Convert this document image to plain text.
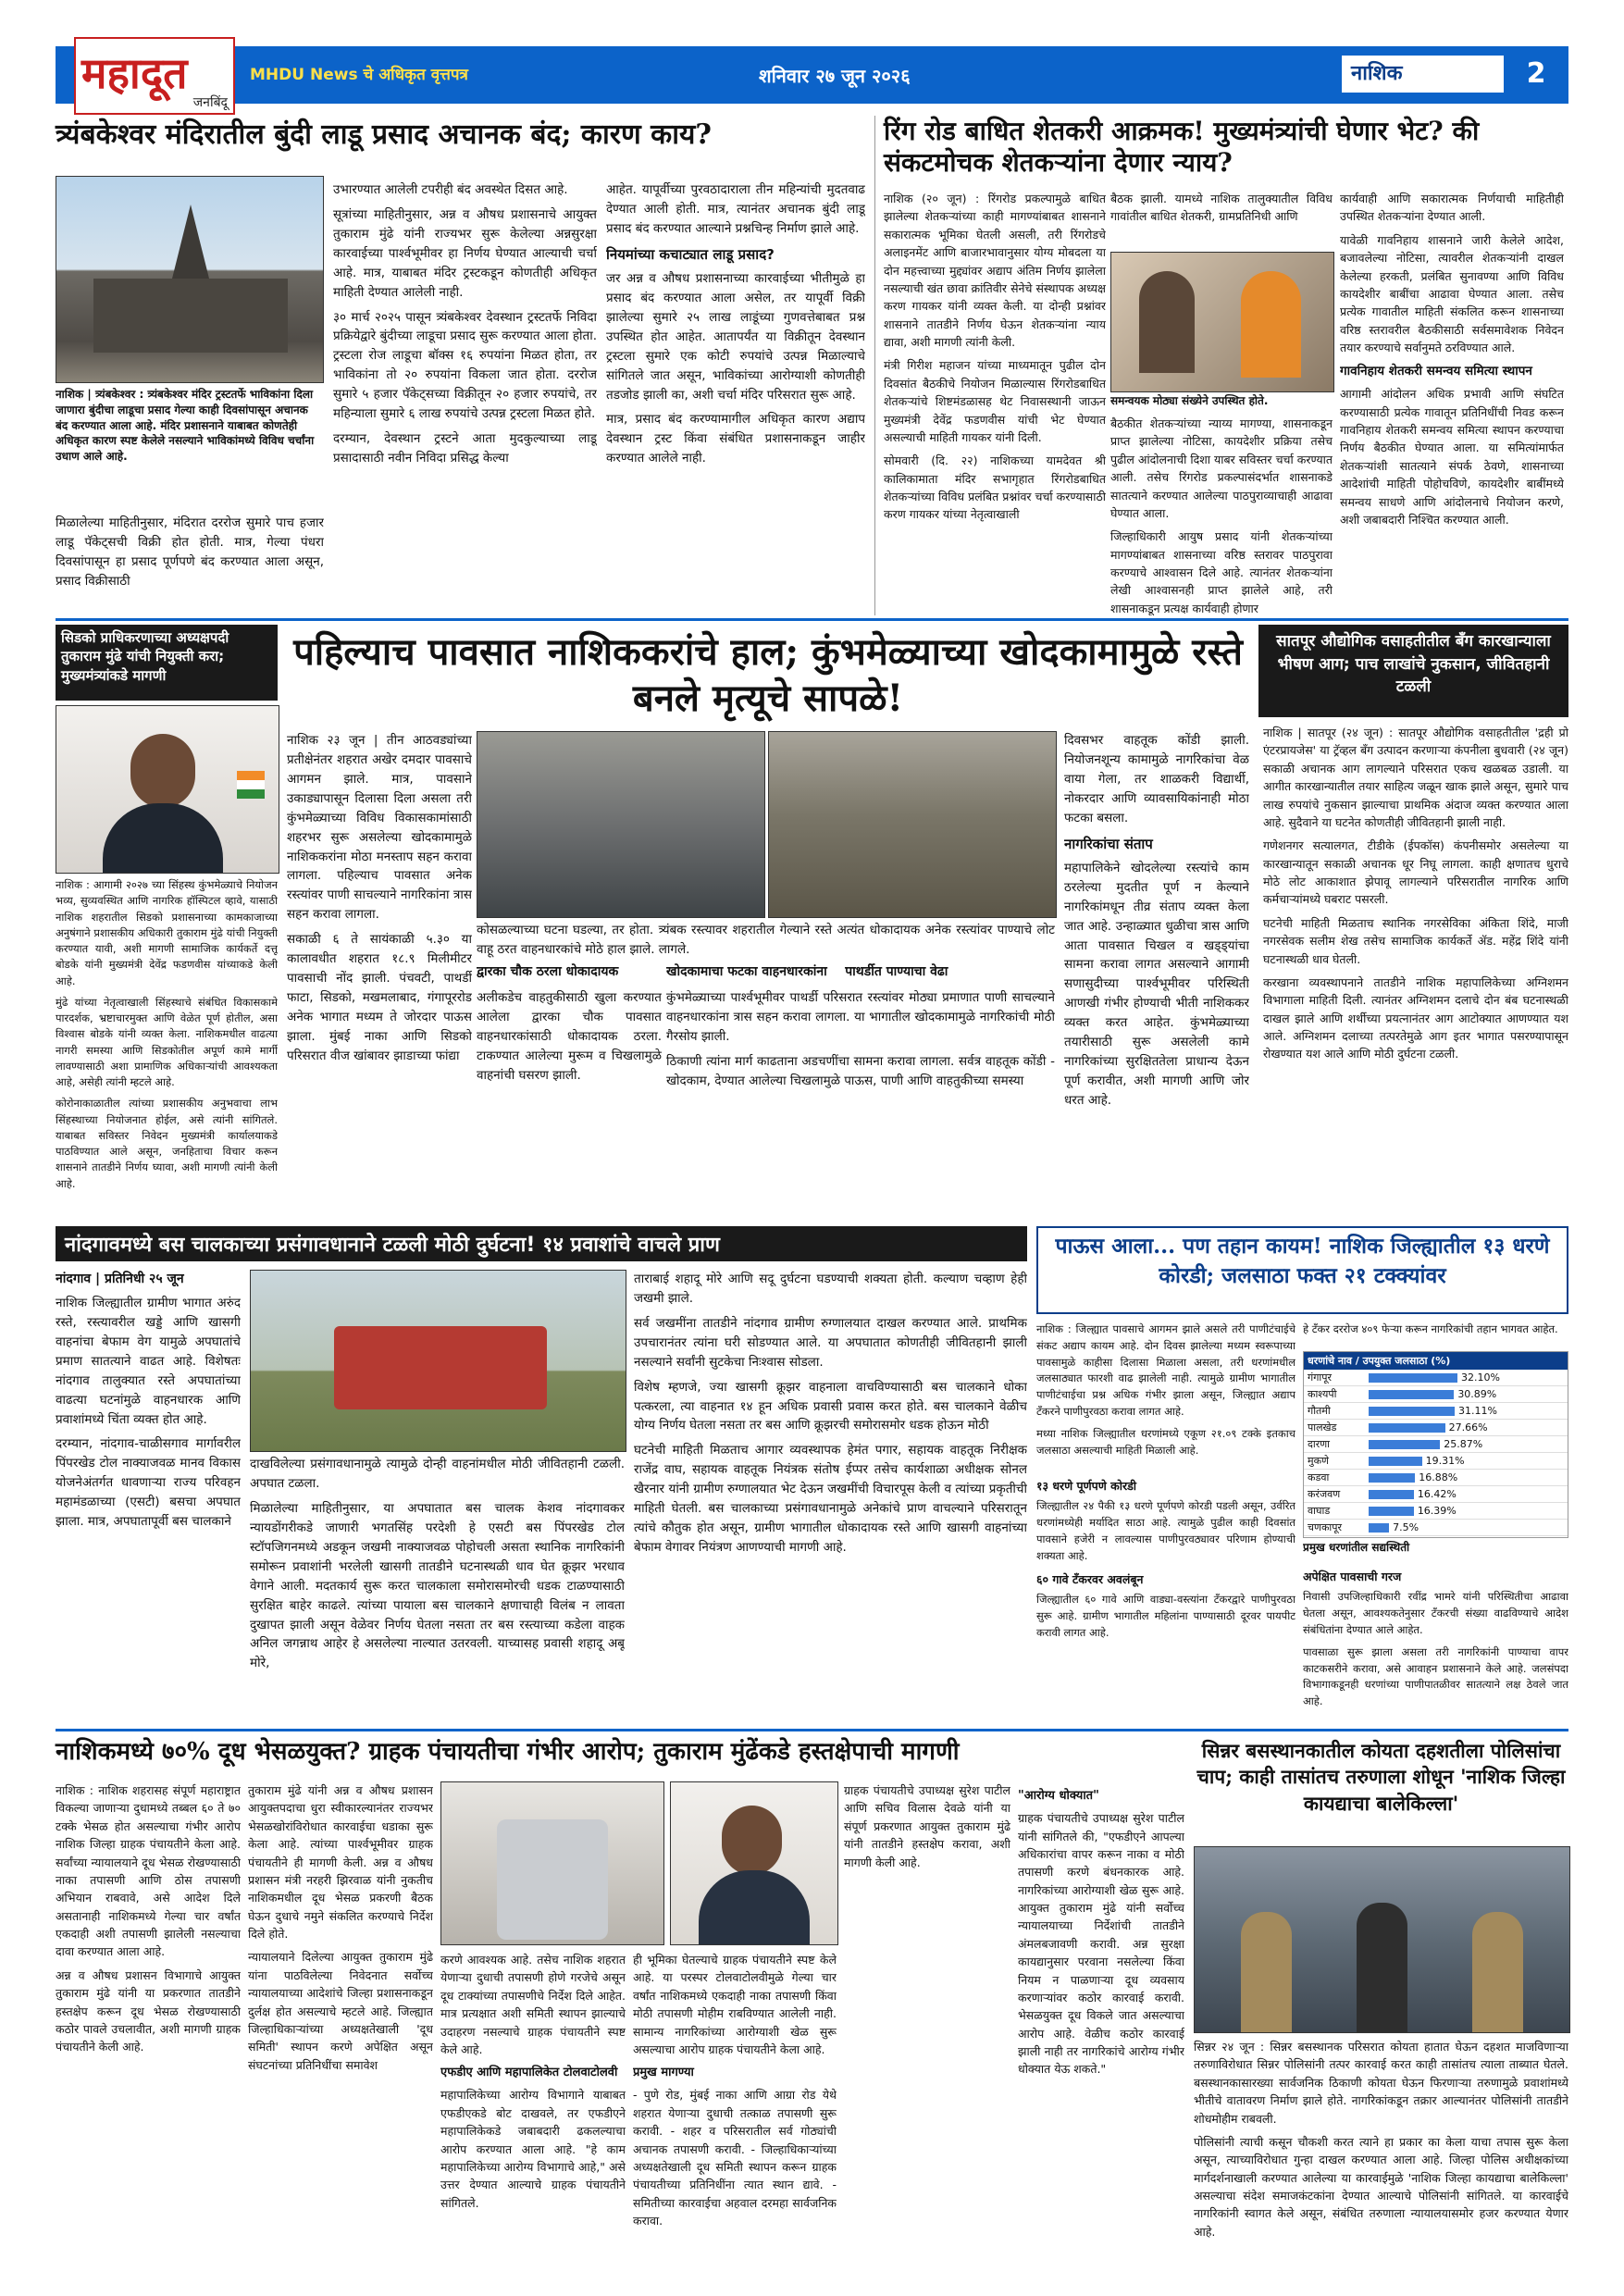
महादूत
जनबिंदू
MHDU News चे अधिकृत वृत्तपत्र	शनिवार २७ जून २०२६	नाशिक	2
त्र्यंबकेश्वर मंदिरातील बुंदी लाडू प्रसाद अचानक बंद; कारण काय?
नाशिक | त्र्यंबकेश्वर : त्र्यंबकेश्वर मंदिर ट्रस्टतर्फे भाविकांना दिला जाणारा बुंदीचा लाडूचा प्रसाद गेल्या काही दिवसांपासून अचानक बंद करण्यात आला आहे. मंदिर प्रशासनाने याबाबत कोणतेही अधिकृत कारण स्पष्ट केलेले नसल्याने भाविकांमध्ये विविध चर्चांना उधाण आले आहे.

मिळालेल्या माहितीनुसार, मंदिरात दररोज सुमारे पाच हजार लाडू पॅकेट्सची विक्री होत होती. मात्र, गेल्या पंधरा दिवसांपासून हा प्रसाद पूर्णपणे बंद करण्यात आला असून, प्रसाद विक्रीसाठी

उभारण्यात आलेली टपरीही बंद अवस्थेत दिसत आहे.

सूत्रांच्या माहितीनुसार, अन्न व औषध प्रशासनाचे आयुक्त तुकाराम मुंढे यांनी राज्यभर सुरू केलेल्या अन्नसुरक्षा कारवाईच्या पार्श्वभूमीवर हा निर्णय घेण्यात आल्याची चर्चा आहे. मात्र, याबाबत मंदिर ट्रस्टकडून कोणतीही अधिकृत माहिती देण्यात आलेली नाही.

३० मार्च २०२५ पासून त्र्यंबकेश्वर देवस्थान ट्रस्टतर्फे निविदा प्रक्रियेद्वारे बुंदीच्या लाडूचा प्रसाद सुरू करण्यात आला होता. ट्रस्टला रोज लाडूचा बॉक्स १६ रुपयांना मिळत होता, तर भाविकांना तो २० रुपयांना विकला जात होता. दररोज सुमारे ५ हजार पॅकेट्सच्या विक्रीतून २० हजार रुपयांचे, तर महिन्याला सुमारे ६ लाख रुपयांचे उत्पन्न ट्रस्टला मिळत होते.

दरम्यान, देवस्थान ट्रस्टने आता मुदकुल्याच्या लाडू प्रसादासाठी नवीन निविदा प्रसिद्ध केल्या

आहेत. यापूर्वीच्या पुरवठादाराला तीन महिन्यांची मुदतवाढ देण्यात आली होती. मात्र, त्यानंतर अचानक बुंदी लाडू प्रसाद बंद करण्यात आल्याने प्रश्नचिन्ह निर्माण झाले आहे.

नियमांच्या कचाट्यात लाडू प्रसाद?

जर अन्न व औषध प्रशासनाच्या कारवाईच्या भीतीमुळे हा प्रसाद बंद करण्यात आला असेल, तर यापूर्वी विक्री झालेल्या सुमारे २५ लाख लाडूंच्या गुणवत्तेबाबत प्रश्न उपस्थित होत आहेत. आतापर्यंत या विक्रीतून देवस्थान ट्रस्टला सुमारे एक कोटी रुपयांचे उत्पन्न मिळाल्याचे सांगितले जात असून, भाविकांच्या आरोग्याशी कोणतीही तडजोड झाली का, अशी चर्चा मंदिर परिसरात सुरू आहे.

मात्र, प्रसाद बंद करण्यामागील अधिकृत कारण अद्याप देवस्थान ट्रस्ट किंवा संबंधित प्रशासनाकडून जाहीर करण्यात आलेले नाही.

रिंग रोड बाधित शेतकरी आक्रमक! मुख्यमंत्र्यांची घेणार भेट? की संकटमोचक शेतकऱ्यांना देणार न्याय?

नाशिक (२० जून) : रिंगरोड प्रकल्पामुळे बाधित झालेल्या शेतकऱ्यांच्या काही मागण्यांबाबत शासनाने सकारात्मक भूमिका घेतली असली, तरी रिंगरोडचे अलाइनमेंट आणि बाजारभावानुसार योग्य मोबदला या दोन महत्त्वाच्या मुद्द्यांवर अद्याप अंतिम निर्णय झालेला नसल्याची खंत छावा क्रांतिवीर सेनेचे संस्थापक अध्यक्ष करण गायकर यांनी व्यक्त केली. या दोन्ही प्रश्नांवर शासनाने तातडीने निर्णय घेऊन शेतकऱ्यांना न्याय द्यावा, अशी मागणी त्यांनी केली.

मंत्री गिरीश महाजन यांच्या माध्यमातून पुढील दोन दिवसांत बैठकीचे नियोजन मिळाल्यास रिंगरोडबाधित शेतकऱ्यांचे शिष्टमंडळासह थेट निवासस्थानी जाऊन मुख्यमंत्री देवेंद्र फडणवीस यांची भेट घेण्यात असल्याची माहिती गायकर यांनी दिली.

सोमवारी (दि. २२) नाशिकच्या यामदेवत श्री कालिकामाता मंदिर सभागृहात रिंगरोडबाधित शेतकऱ्यांच्या विविध प्रलंबित प्रश्नांवर चर्चा करण्यासाठी करण गायकर यांच्या नेतृत्वाखाली

बैठक झाली. यामध्ये नाशिक तालुक्यातील विविध गावांतील बाधित शेतकरी, ग्रामप्रतिनिधी आणि

समन्वयक मोठ्या संख्येने उपस्थित होते.

बैठकीत शेतकऱ्यांच्या न्याय्य मागण्या, शासनाकडून प्राप्त झालेल्या नोटिसा, कायदेशीर प्रक्रिया तसेच पुढील आंदोलनाची दिशा याबर सविस्तर चर्चा करण्यात आली. तसेच रिंगरोड प्रकल्पासंदर्भात शासनाकडे सातत्याने करण्यात आलेल्या पाठपुराव्याचाही आढावा घेण्यात आला.

जिल्हाधिकारी आयुष प्रसाद यांनी शेतकऱ्यांच्या मागण्यांबाबत शासनाच्या वरिष्ठ स्तरावर पाठपुरावा करण्याचे आश्वासन दिले आहे. त्यानंतर शेतकऱ्यांना लेखी आश्वासनही प्राप्त झालेले आहे, तरी शासनाकडून प्रत्यक्ष कार्यवाही होणार

कार्यवाही आणि सकारात्मक निर्णयाची माहितीही उपस्थित शेतकऱ्यांना देण्यात आली.

यावेळी गावनिहाय शासनाने जारी केलेले आदेश, बजावलेल्या नोटिसा, त्यावरील शेतकऱ्यांनी दाखल केलेल्या हरकती, प्रलंबित सुनावण्या आणि विविध कायदेशीर बाबींचा आढावा घेण्यात आला. तसेच प्रत्येक गावातील माहिती संकलित करून शासनाच्या वरिष्ठ स्तरावरील बैठकीसाठी सर्वसमावेशक निवेदन तयार करण्याचे सर्वानुमते ठरविण्यात आले.

गावनिहाय शेतकरी समन्वय समित्या स्थापन

आगामी आंदोलन अधिक प्रभावी आणि संघटित करण्यासाठी प्रत्येक गावातून प्रतिनिधींची निवड करून गावनिहाय शेतकरी समन्वय समित्या स्थापन करण्याचा निर्णय बैठकीत घेण्यात आला. या समित्यांमार्फत शेतकऱ्यांशी सातत्याने संपर्क ठेवणे, शासनाच्या आदेशांची माहिती पोहोचविणे, कायदेशीर बाबींमध्ये समन्वय साधणे आणि आंदोलनाचे नियोजन करणे, अशी जबाबदारी निश्चित करण्यात आली.

सिडको प्राधिकरणाच्या अध्यक्षपदी तुकाराम मुंढे यांची नियुक्ती करा; मुख्यमंत्र्यांकडे मागणी

नाशिक : आगामी २०२७ च्या सिंहस्थ कुंभमेळ्याचे नियोजन भव्य, सुव्यवस्थित आणि नागरिक हॉस्पिटल व्हावे, यासाठी नाशिक शहरातील सिडको प्रशासनाच्या कामकाजाच्या अनुषंगाने प्रशासकीय अधिकारी तुकाराम मुंढे यांची नियुक्ती करण्यात यावी, अशी मागणी सामाजिक कार्यकर्ते दत्तू बोडके यांनी मुख्यमंत्री देवेंद्र फडणवीस यांच्याकडे केली आहे.

मुंढे यांच्या नेतृत्वाखाली सिंहस्थाचे संबंधित विकासकामे पारदर्शक, भ्रष्टाचारमुक्त आणि वेळेत पूर्ण होतील, असा विश्वास बोडके यांनी व्यक्त केला. नाशिकमधील वाढत्या नागरी समस्या आणि सिडकोतील अपूर्ण कामे मार्गी लावण्यासाठी अशा प्रामाणिक अधिकाऱ्यांची आवश्यकता आहे, असेही त्यांनी म्हटले आहे.

कोरोनाकाळातील त्यांच्या प्रशासकीय अनुभवाचा लाभ सिंहस्थाच्या नियोजनात होईल, असे त्यांनी सांगितले. याबाबत सविस्तर निवेदन मुख्यमंत्री कार्यालयाकडे पाठविण्यात आले असून, जनहिताचा विचार करून शासनाने तातडीने निर्णय घ्यावा, अशी मागणी त्यांनी केली आहे.

पहिल्याच पावसात नाशिककरांचे हाल; कुंभमेळ्याच्या खोदकामामुळे रस्ते बनले मृत्यूचे सापळे!

नाशिक २३ जून | तीन आठवड्यांच्या प्रतीक्षेनंतर शहरात अखेर दमदार पावसाचे आगमन झाले. मात्र, पावसाने उकाड्यापासून दिलासा दिला असला तरी कुंभमेळ्याच्या विविध विकासकामांसाठी शहरभर सुरू असलेल्या खोदकामामुळे नाशिककरांना मोठा मनस्ताप सहन करावा लागला. पहिल्याच पावसात अनेक रस्त्यांवर पाणी साचल्याने नागरिकांना त्रास सहन करावा लागला.

सकाळी ६ ते सायंकाळी ५.३० या कालावधीत शहरात १८.९ मिलीमीटर पावसाची नोंद झाली. पंचवटी, पाथर्डी फाटा, सिडको, मखमलाबाद, गंगापूररोड अनेक भागात मध्यम ते जोरदार पाऊस झाला. मुंबई नाका आणि सिडको परिसरात वीज खांबावर झाडाच्या फांद्या

कोसळल्याच्या घटना घडल्या, तर होता. त्र्यंबक रस्त्यावर शहरातील गेल्याने रस्ते अत्यंत धोकादायक अनेक रस्त्यांवर पाण्याचे लोट वाहू ठरत वाहनधारकांचे मोठे हाल झाले. लागले.

द्वारका चौक ठरला धोकादायक

अलीकडेच वाहतुकीसाठी खुला करण्यात आलेला द्वारका चौक पावसात वाहनधारकांसाठी धोकादायक ठरला. टाकण्यात आलेल्या मुरूम व चिखलामुळे वाहनांची घसरण झाली.

खोदकामाचा फटका वाहनधारकांना पाथर्डीत पाण्याचा वेढा

कुंभमेळ्याच्या पार्श्वभूमीवर पाथर्डी परिसरात रस्त्यांवर मोठ्या प्रमाणात पाणी साचल्याने वाहनधारकांना त्रास सहन करावा लागला. या भागातील खोदकामामुळे नागरिकांची मोठी गैरसोय झाली.

ठिकाणी त्यांना मार्ग काढताना अडचणींचा सामना करावा लागला. सर्वत्र वाहतूक कोंडी - खोदकाम, देण्यात आलेल्या चिखलामुळे पाऊस, पाणी आणि वाहतुकीच्या समस्या

दिवसभर वाहतूक कोंडी झाली. नियोजनशून्य कामामुळे नागरिकांचा वेळ वाया गेला, तर शाळकरी विद्यार्थी, नोकरदार आणि व्यावसायिकांनाही मोठा फटका बसला.

नागरिकांचा संताप

महापालिकेने खोदलेल्या रस्त्यांचे काम ठरलेल्या मुदतीत पूर्ण न केल्याने नागरिकांमधून तीव्र संताप व्यक्त केला जात आहे. उन्हाळ्यात धुळीचा त्रास आणि आता पावसात चिखल व खड्ड्यांचा सामना करावा लागत असल्याने आगामी सणासुदीच्या पार्श्वभूमीवर परिस्थिती आणखी गंभीर होण्याची भीती नाशिककर व्यक्त करत आहेत. कुंभमेळ्याच्या तयारीसाठी सुरू असलेली कामे नागरिकांच्या सुरक्षिततेला प्राधान्य देऊन पूर्ण करावीत, अशी मागणी आणि जोर धरत आहे.

सातपूर औद्योगिक वसाहतीतील बँग कारखान्याला भीषण आग; पाच लाखांचे नुकसान, जीवितहानी टळली

नाशिक | सातपूर (२४ जून) : सातपूर औद्योगिक वसाहतीतील 'द्रही प्रो एंटरप्रायजेस' या ट्रॅव्हल बँग उत्पादन करणाऱ्या कंपनीला बुधवारी (२४ जून) सकाळी अचानक आग लागल्याने परिसरात एकच खळबळ उडाली. या आगीत कारखान्यातील तयार साहित्य जळून खाक झाले असून, सुमारे पाच लाख रुपयांचे नुकसान झाल्याचा प्राथमिक अंदाज व्यक्त करण्यात आला आहे. सुदैवाने या घटनेत कोणतीही जीवितहानी झाली नाही.

गणेशनगर सत्यालगत, टीडीके (ईपकॉस) कंपनीसमोर असलेल्या या कारखान्यातून सकाळी अचानक धूर निघू लागला. काही क्षणातच धुराचे मोठे लोट आकाशात झेपावू लागल्याने परिसरातील नागरिक आणि कर्मचाऱ्यांमध्ये घबराट पसरली.

घटनेची माहिती मिळताच स्थानिक नगरसेविका अंकिता शिंदे, माजी नगरसेवक सलीम शेख तसेच सामाजिक कार्यकर्ते ॲड. महेंद्र शिंदे यांनी घटनास्थळी धाव घेतली.

करखाना व्यवस्थापनाने तातडीने नाशिक महापालिकेच्या अग्निशमन विभागाला माहिती दिली. त्यानंतर अग्निशमन दलाचे दोन बंब घटनास्थळी दाखल झाले आणि शर्थीच्या प्रयत्नानंतर आग आटोक्यात आणण्यात यश आले. अग्निशमन दलाच्या तत्परतेमुळे आग इतर भागात पसरण्यापासून रोखण्यात यश आले आणि मोठी दुर्घटना टळली.

नांदगावमध्ये बस चालकाच्या प्रसंगावधानाने टळली मोठी दुर्घटना! १४ प्रवाशांचे वाचले प्राण
नांदगाव | प्रतिनिधी २५ जून

नाशिक जिल्ह्यातील ग्रामीण भागात अरुंद रस्ते, रस्त्यावरील खड्डे आणि खासगी वाहनांचा बेफाम वेग यामुळे अपघातांचे प्रमाण सातत्याने वाढत आहे. विशेषतः नांदगाव तालुक्यात रस्ते अपघातांच्या वाढत्या घटनांमुळे वाहनधारक आणि प्रवाशांमध्ये चिंता व्यक्त होत आहे.

दरम्यान, नांदगाव-चाळीसगाव मार्गावरील पिंपरखेड टोल नाक्याजवळ मानव विकास योजनेअंतर्गत धावणाऱ्या राज्य परिवहन महामंडळाच्या (एसटी) बसचा अपघात झाला. मात्र, अपघातापूर्वी बस चालकाने

दाखविलेल्या प्रसंगावधानामुळे त्यामुळे दोन्ही वाहनांमधील मोठी जीवितहानी टळली. अपघात टळला.

मिळालेल्या माहितीनुसार, या अपघातात बस चालक केशव नांदगावकर न्यायडोंगरीकडे जाणारी भगतसिंह परदेशी हे एसटी बस पिंपरखेड टोल स्टॉपजिगनमध्ये अडकून जखमी नाक्याजवळ पोहोचली असता स्थानिक नागरिकांनी समोरून प्रवाशांनी भरलेली खासगी तातडीने घटनास्थळी धाव घेत क्रूझर भरधाव वेगाने आली. मदतकार्य सुरू करत चालकाला समोरासमोरची धडक टाळण्यासाठी सुरक्षित बाहेर काढले. त्यांच्या पायाला बस चालकाने क्षणाचाही विलंब न लावता दुखापत झाली असून वेळेवर निर्णय घेतला नसता तर बस रस्त्याच्या कडेला वाहक अनिल जगन्नाथ आहेर हे असलेल्या नाल्यात उतरवली. याच्यासह प्रवासी शहादू अबू मोरे,

ताराबाई शहादू मोरे आणि सदू दुर्घटना घडण्याची शक्यता होती. कल्याण चव्हाण हेही जखमी झाले.

सर्व जखमींना तातडीने नांदगाव ग्रामीण रुग्णालयात दाखल करण्यात आले. प्राथमिक उपचारानंतर त्यांना घरी सोडण्यात आले. या अपघातात कोणतीही जीवितहानी झाली नसल्याने सर्वांनी सुटकेचा निःश्वास सोडला.

विशेष म्हणजे, ज्या खासगी क्रूझर वाहनाला वाचविण्यासाठी बस चालकाने धोका पत्करला, त्या वाहनात १४ हून अधिक प्रवासी प्रवास करत होते. बस चालकाने वेळीच योग्य निर्णय घेतला नसता तर बस आणि क्रूझरची समोरासमोर धडक होऊन मोठी

घटनेची माहिती मिळताच आगार व्यवस्थापक हेमंत पगार, सहायक वाहतूक निरीक्षक राजेंद्र वाघ, सहायक वाहतूक नियंत्रक संतोष ईप्पर तसेच कार्यशाळा अधीक्षक सोनल खैरनार यांनी ग्रामीण रुग्णालयात भेट देऊन जखमींची विचारपूस केली व त्यांच्या प्रकृतीची माहिती घेतली. बस चालकाच्या प्रसंगावधानामुळे अनेकांचे प्राण वाचल्याने परिसरातून त्यांचे कौतुक होत असून, ग्रामीण भागातील धोकादायक रस्ते आणि खासगी वाहनांच्या बेफाम वेगावर नियंत्रण आणण्याची मागणी आहे.

पाऊस आला... पण तहान कायम! नाशिक जिल्ह्यातील १३ धरणे कोरडी; जलसाठा फक्त २१ टक्क्यांवर

नाशिक : जिल्ह्यात पावसाचे आगमन झाले असले तरी पाणीटंचाईचे संकट अद्याप कायम आहे. दोन दिवस झालेल्या मध्यम स्वरूपाच्या पावसामुळे काहीसा दिलासा मिळाला असला, तरी धरणांमधील जलसाठ्यात फारशी वाढ झालेली नाही. त्यामुळे ग्रामीण भागातील पाणीटंचाईचा प्रश्न अधिक गंभीर झाला असून, जिल्ह्यात अद्याप टँकरने पाणीपुरवठा करावा लागत आहे.

मध्या नाशिक जिल्ह्यातील धरणांमध्ये एकूण २१.०९ टक्के इतकाच जलसाठा असल्याची माहिती मिळाली आहे.

हे टँकर दररोज ४०९ फेऱ्या करून नागरिकांची तहान भागवत आहेत.

धरणांचे नाव / उपयुक्त जलसाठा (%)
गंगापूर	32.10%
काश्यपी	30.89%
गौतमी	31.11%
पालखेड	27.66%
दारणा	25.87%
मुकणे	19.31%
कडवा	16.88%
करंजवण	16.42%
वाघाड	16.39%
चणकापूर	7.5%
प्रमुख धरणांतील सद्यस्थिती
१३ धरणे पूर्णपणे कोरडी

जिल्ह्यातील २४ पैकी १३ धरणे पूर्णपणे कोरडी पडली असून, उर्वरित धरणांमध्येही मर्यादित साठा आहे. त्यामुळे पुढील काही दिवसांत पावसाने हजेरी न लावल्यास पाणीपुरवठ्यावर परिणाम होण्याची शक्यता आहे.

६० गावे टँकरवर अवलंबून

जिल्ह्यातील ६० गावे आणि वाड्या-वस्त्यांना टँकरद्वारे पाणीपुरवठा सुरू आहे. ग्रामीण भागातील महिलांना पाण्यासाठी दूरवर पायपीट करावी लागत आहे.

अपेक्षित पावसाची गरज

निवासी उपजिल्हाधिकारी रवींद्र भामरे यांनी परिस्थितीचा आढावा घेतला असून, आवश्यकतेनुसार टँकरची संख्या वाढविण्याचे आदेश संबंधितांना देण्यात आले आहेत.

पावसाळा सुरू झाला असला तरी नागरिकांनी पाण्याचा वापर काटकसरीने करावा, असे आवाहन प्रशासनाने केले आहे. जलसंपदा विभागाकडूनही धरणांच्या पाणीपातळीवर सातत्याने लक्ष ठेवले जात आहे.

नाशिकमध्ये ७०% दूध भेसळयुक्त? ग्राहक पंचायतीचा गंभीर आरोप; तुकाराम मुंढेंकडे हस्तक्षेपाची मागणी

नाशिक : नाशिक शहरासह संपूर्ण महाराष्ट्रात विकल्या जाणाऱ्या दुधामध्ये तब्बल ६० ते ७० टक्के भेसळ होत असल्याचा गंभीर आरोप नाशिक जिल्हा ग्राहक पंचायतीने केला आहे. सर्वांच्या न्यायालयाने दूध भेसळ रोखण्यासाठी नाका तपासणी आणि ठोस तपासणी अभियान राबवावे, असे आदेश दिले असतानाही नाशिकमध्ये गेल्या चार वर्षांत एकदाही अशी तपासणी झालेली नसल्याचा दावा करण्यात आला आहे.

अन्न व औषध प्रशासन विभागाचे आयुक्त तुकाराम मुंढे यांनी या प्रकरणात तातडीने हस्तक्षेप करून दूध भेसळ रोखण्यासाठी कठोर पावले उचलावीत, अशी मागणी ग्राहक पंचायतीने केली आहे.

तुकाराम मुंढे यांनी अन्न व औषध प्रशासन आयुक्तपदाचा धुरा स्वीकारल्यानंतर राज्यभर भेसळखोरांविरोधात कारवाईचा धडाका सुरू केला आहे. त्यांच्या पार्श्वभूमीवर ग्राहक पंचायतीने ही मागणी केली. अन्न व औषध प्रशासन मंत्री नरहरी झिरवाळ यांनी नुकतीच नाशिकमधील दूध भेसळ प्रकरणी बैठक घेऊन दुधाचे नमुने संकलित करण्याचे निर्देश दिले होते.

न्यायालयाने दिलेल्या आयुक्त तुकाराम मुंढे यांना पाठविलेल्या निवेदनात सर्वोच्च न्यायालयाच्या आदेशांचे जिल्हा प्रशासनाकडून दुर्लक्ष होत असल्याचे म्हटले आहे. जिल्ह्यात जिल्हाधिकाऱ्यांच्या अध्यक्षतेखाली 'दूध समिती' स्थापन करणे अपेक्षित असून संघटनांच्या प्रतिनिधींचा समावेश

करणे आवश्यक आहे. तसेच नाशिक शहरात येणाऱ्या दुधाची तपासणी होणे गरजेचे असून दूध टाक्यांच्या तपासणीचे निर्देश दिले आहेत. मात्र प्रत्यक्षात अशी समिती स्थापन झाल्याचे उदाहरण नसल्याचे ग्राहक पंचायतीने स्पष्ट केले आहे.

एफडीए आणि महापालिकेत टोलवाटोलवी

महापालिकेच्या आरोग्य विभागाने याबाबत एफडीएकडे बोट दाखवले, तर एफडीएने महापालिकेकडे जबाबदारी ढकलल्याचा आरोप करण्यात आला आहे. "हे काम महापालिकेच्या आरोग्य विभागाचे आहे," असे उत्तर देण्यात आल्याचे ग्राहक पंचायतीने सांगितले.

ही भूमिका घेतल्याचे ग्राहक पंचायतीने स्पष्ट केले आहे. या परस्पर टोलवाटोलवीमुळे गेल्या चार वर्षांत नाशिकमध्ये एकदाही नाका तपासणी किंवा मोठी तपासणी मोहीम राबविण्यात आलेली नाही. सामान्य नागरिकांच्या आरोग्याशी खेळ सुरू असल्याचा आरोप ग्राहक पंचायतीने केला आहे.

प्रमुख मागण्या

- पुणे रोड, मुंबई नाका आणि आग्रा रोड येथे शहरात येणाऱ्या दुधाची तत्काळ तपासणी सुरू करावी. - शहर व परिसरातील सर्व गोठ्यांची अचानक तपासणी करावी. - जिल्हाधिकाऱ्यांच्या अध्यक्षतेखाली दूध समिती स्थापन करून ग्राहक पंचायतीच्या प्रतिनिधींना त्यात स्थान द्यावे. - समितीच्या कारवाईचा अहवाल दरमहा सार्वजनिक करावा.

ग्राहक पंचायतीचे उपाध्यक्ष सुरेश पाटील आणि सचिव विलास देवळे यांनी या संपूर्ण प्रकरणात आयुक्त तुकाराम मुंढे यांनी तातडीने हस्तक्षेप करावा, अशी मागणी केली आहे.

"आरोग्य धोक्यात"

ग्राहक पंचायतीचे उपाध्यक्ष सुरेश पाटील यांनी सांगितले की, "एफडीएने आपल्या अधिकारांचा वापर करून नाका व मोठी तपासणी करणे बंधनकारक आहे. नागरिकांच्या आरोग्याशी खेळ सुरू आहे. आयुक्त तुकाराम मुंढे यांनी सर्वोच्च न्यायालयाच्या निर्देशांची तातडीने अंमलबजावणी करावी. अन्न सुरक्षा कायद्यानुसार परवाना नसलेल्या किंवा नियम न पाळणाऱ्या दूध व्यवसाय करणाऱ्यांवर कठोर कारवाई करावी. भेसळयुक्त दूध विकले जात असल्याचा आरोप आहे. वेळीच कठोर कारवाई झाली नाही तर नागरिकांचे आरोग्य गंभीर धोक्यात येऊ शकते."

सिन्नर बसस्थानकातील कोयता दहशतीला पोलिसांचा चाप; काही तासांतच तरुणाला शोधून 'नाशिक जिल्हा कायद्याचा बालेकिल्ला'

सिन्नर २४ जून : सिन्नर बसस्थानक परिसरात कोयता हातात घेऊन दहशत माजविणाऱ्या तरुणाविरोधात सिन्नर पोलिसांनी तत्पर कारवाई करत काही तासांतच त्याला ताब्यात घेतले. बसस्थानकासारख्या सार्वजनिक ठिकाणी कोयता घेऊन फिरणाऱ्या तरुणामुळे प्रवाशांमध्ये भीतीचे वातावरण निर्माण झाले होते. नागरिकांकडून तक्रार आल्यानंतर पोलिसांनी तातडीने शोधमोहीम राबवली.

पोलिसांनी त्याची कसून चौकशी करत त्याने हा प्रकार का केला याचा तपास सुरू केला असून, त्याच्याविरोधात गुन्हा दाखल करण्यात आला आहे. जिल्हा पोलिस अधीक्षकांच्या मार्गदर्शनाखाली करण्यात आलेल्या या कारवाईमुळे 'नाशिक जिल्हा कायद्याचा बालेकिल्ला' असल्याचा संदेश समाजकंटकांना देण्यात आल्याचे पोलिसांनी सांगितले. या कारवाईचे नागरिकांनी स्वागत केले असून, संबंधित तरुणाला न्यायालयासमोर हजर करण्यात येणार आहे.
